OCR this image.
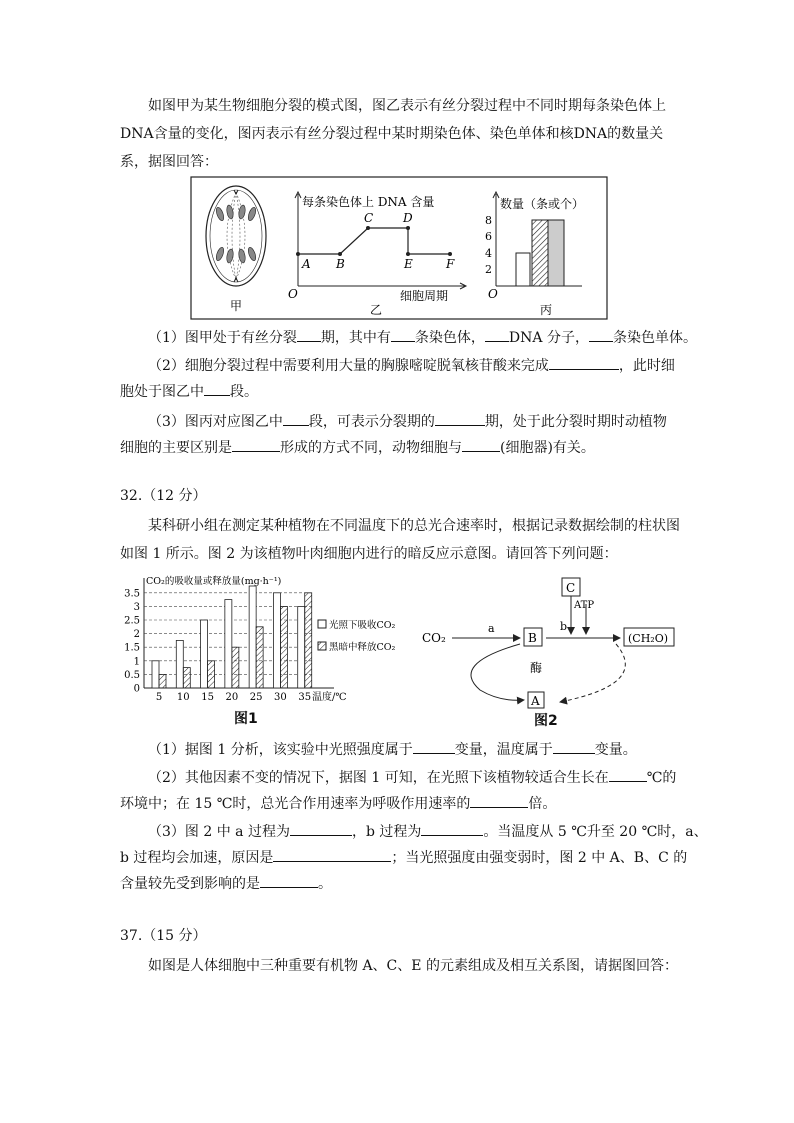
如图甲为某生物细胞分裂的模式图，图乙表示有丝分裂过程中不同时期每条染色体上DNA含量的变化，图丙表示有丝分裂过程中某时期染色体、染色单体和核DNA的数量关系，据图回答：
甲
每条染色体上 DNA 含量
A B
C D
E	F
O	细胞周期
乙
数量（条或个）
8
6
4
2
O
丙
（1）图甲处于有丝分裂 期，其中有 条染色体， DNA 分子， 条染色单体。
（2）细胞分裂过程中需要利用大量的胸腺嘧啶脱氧核苷酸来完成	，此时细
胞处于图乙中 段。
（3）图丙对应图乙中 段，可表示分裂期的	期，处于此分裂时期时动植物
细胞的主要区别是	形成的方式不同，动物细胞与	(细胞器)有关。
32.（12 分）
某科研小组在测定某种植物在不同温度下的总光合速率时，根据记录数据绘制的柱状图如图 1 所示。图 2 为该植物叶肉细胞内进行的暗反应示意图。请回答下列问题：
CO₂的吸收量或释放量(mg·h⁻¹)
0
0.5
1
1.5
2
2.5
3
3.5
5 10 15 20 25 30 35 温度/℃
光照下吸收CO₂
黑暗中释放CO₂
图1
CO₂
a
B
C
ATP
b
(CH₂O)
酶
A
图2
（1）据图 1 分析，该实验中光照强度属于	变量，温度属于	变量。
（2）其他因素不变的情况下，据图 1 可知，在光照下该植物较适合生长在	℃的
环境中；在 15 ℃时，总光合作用速率为呼吸作用速率的	倍。
（3）图 2 中 a 过程为	，b 过程为	。当温度从 5 ℃升至 20 ℃时，a、
b 过程均会加速，原因是	；当光照强度由强变弱时，图 2 中 A、B、C 的
含量较先受到影响的是	。
37.（15 分）
如图是人体细胞中三种重要有机物 A、C、E 的元素组成及相互关系图，请据图回答：
